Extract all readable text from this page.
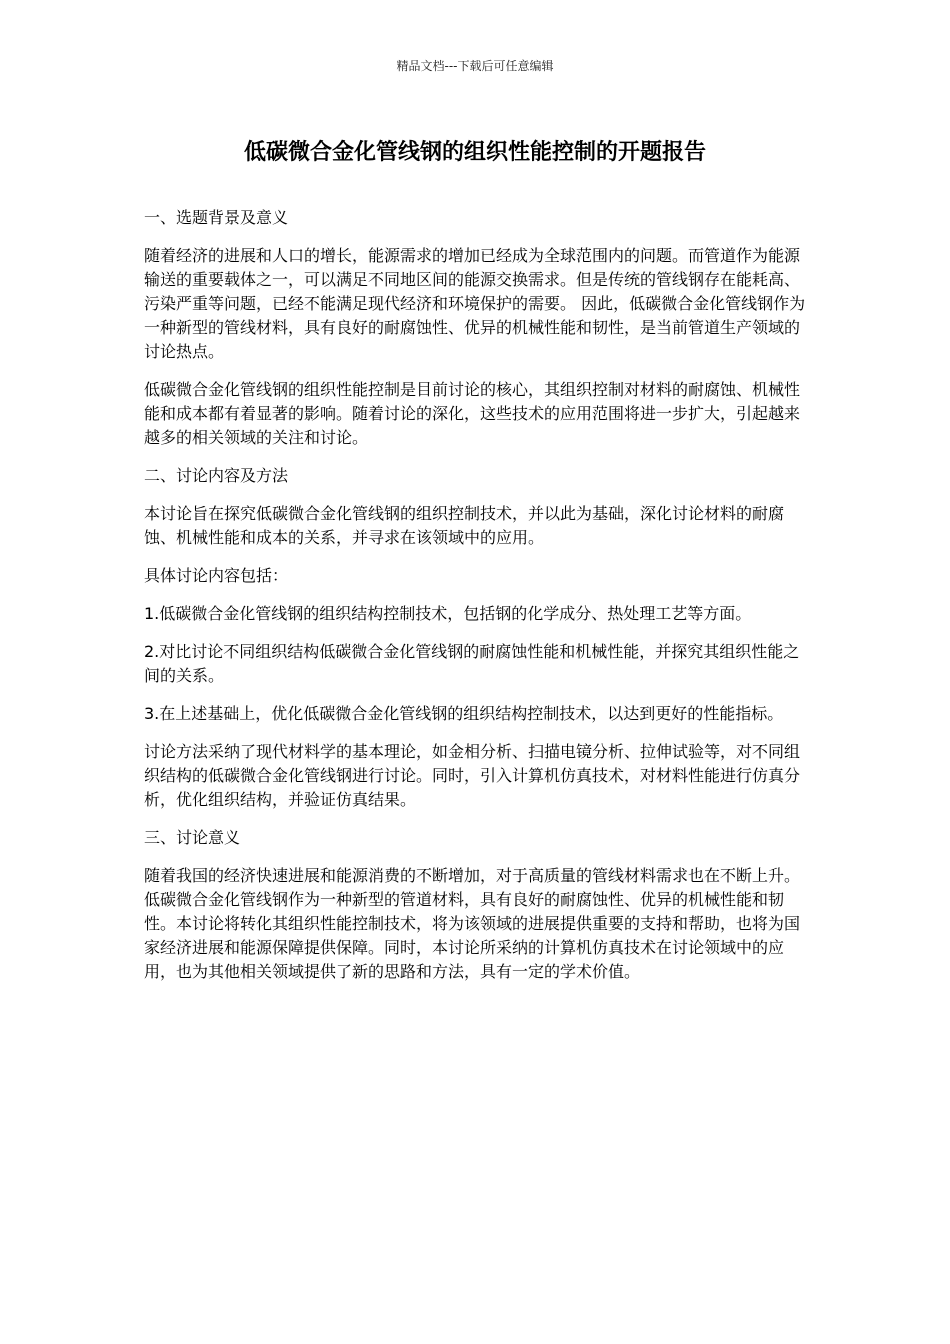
精品文档---下载后可任意编辑
低碳微合金化管线钢的组织性能控制的开题报告

一、选题背景及意义

随着经济的进展和人口的增长，能源需求的增加已经成为全球范围内的问题。而管道作为能源输送的重要载体之一，可以满足不同地区间的能源交换需求。但是传统的管线钢存在能耗高、污染严重等问题，已经不能满足现代经济和环境保护的需要。 因此，低碳微合金化管线钢作为一种新型的管线材料，具有良好的耐腐蚀性、优异的机械性能和韧性，是当前管道生产领域的讨论热点。

低碳微合金化管线钢的组织性能控制是目前讨论的核心，其组织控制对材料的耐腐蚀、机械性能和成本都有着显著的影响。随着讨论的深化，这些技术的应用范围将进一步扩大，引起越来越多的相关领域的关注和讨论。

二、讨论内容及方法

本讨论旨在探究低碳微合金化管线钢的组织控制技术，并以此为基础，深化讨论材料的耐腐蚀、机械性能和成本的关系，并寻求在该领域中的应用。

具体讨论内容包括：

1.低碳微合金化管线钢的组织结构控制技术，包括钢的化学成分、热处理工艺等方面。

2.对比讨论不同组织结构低碳微合金化管线钢的耐腐蚀性能和机械性能，并探究其组织性能之间的关系。

3.在上述基础上，优化低碳微合金化管线钢的组织结构控制技术，以达到更好的性能指标。

讨论方法采纳了现代材料学的基本理论，如金相分析、扫描电镜分析、拉伸试验等，对不同组织结构的低碳微合金化管线钢进行讨论。同时，引入计算机仿真技术，对材料性能进行仿真分析，优化组织结构，并验证仿真结果。

三、讨论意义

随着我国的经济快速进展和能源消费的不断增加，对于高质量的管线材料需求也在不断上升。低碳微合金化管线钢作为一种新型的管道材料，具有良好的耐腐蚀性、优异的机械性能和韧性。本讨论将转化其组织性能控制技术，将为该领域的进展提供重要的支持和帮助，也将为国家经济进展和能源保障提供保障。同时，本讨论所采纳的计算机仿真技术在讨论领域中的应用，也为其他相关领域提供了新的思路和方法，具有一定的学术价值。
